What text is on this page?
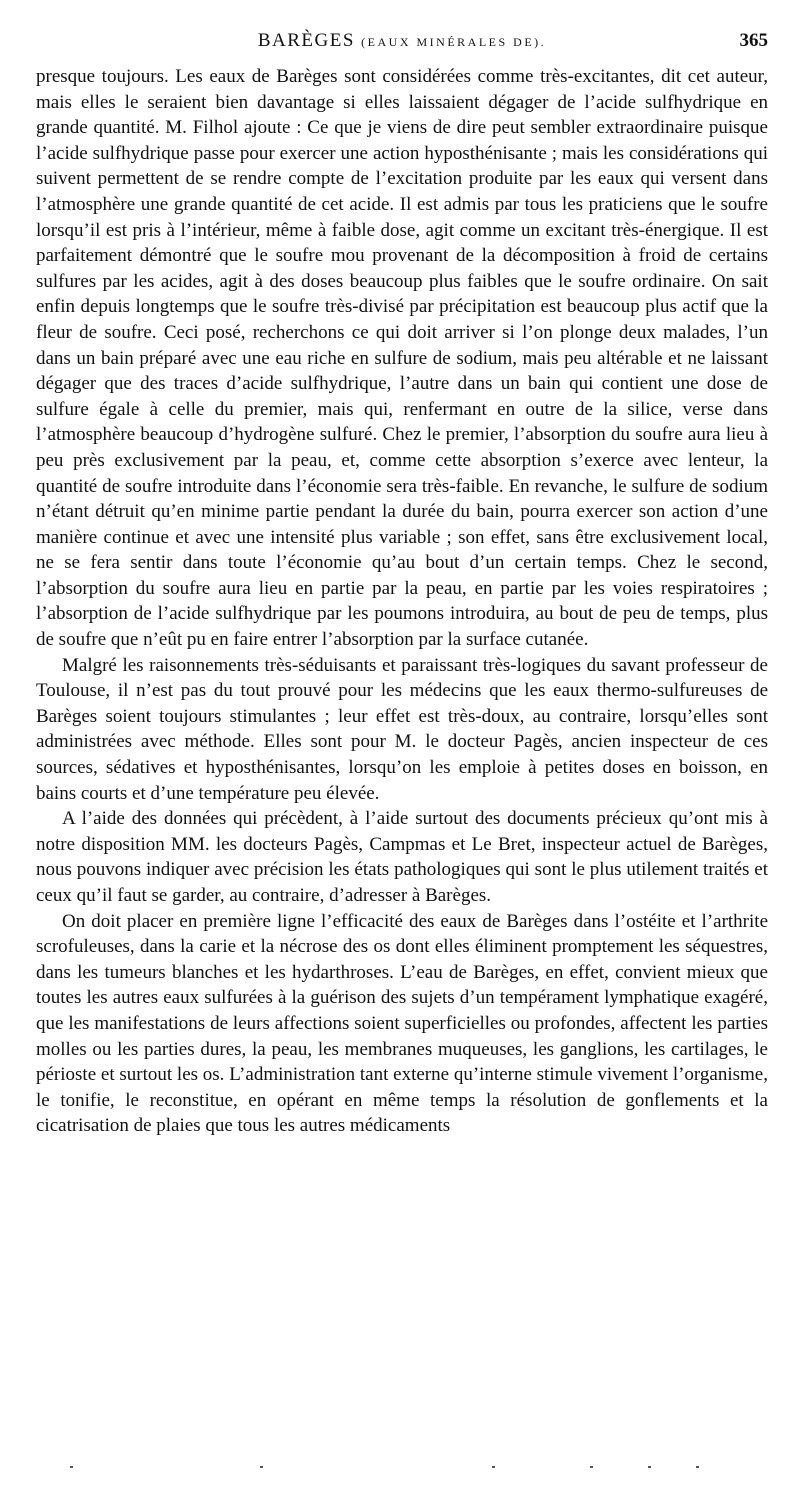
BARÈGES (EAUX MINÉRALES DE).	365

presque toujours. Les eaux de Barèges sont considérées comme très-excitantes, dit cet auteur, mais elles le seraient bien davantage si elles laissaient dégager de l’acide sulfhydrique en grande quantité. M. Filhol ajoute : Ce que je viens de dire peut sembler extraordinaire puisque l’acide sulfhydrique passe pour exercer une action hyposthénisante ; mais les considérations qui suivent permettent de se rendre compte de l’excitation produite par les eaux qui versent dans l’atmosphère une grande quantité de cet acide. Il est admis par tous les praticiens que le soufre lorsqu’il est pris à l’intérieur, même à faible dose, agit comme un excitant très-énergique. Il est parfaitement démontré que le soufre mou provenant de la décomposition à froid de certains sulfures par les acides, agit à des doses beaucoup plus faibles que le soufre ordinaire. On sait enfin depuis longtemps que le soufre très-divisé par précipitation est beaucoup plus actif que la fleur de soufre. Ceci posé, recherchons ce qui doit arriver si l’on plonge deux malades, l’un dans un bain préparé avec une eau riche en sulfure de sodium, mais peu altérable et ne laissant dégager que des traces d’acide sulfhydrique, l’autre dans un bain qui contient une dose de sulfure égale à celle du premier, mais qui, renfermant en outre de la silice, verse dans l’atmosphère beaucoup d’hydrogène sulfuré. Chez le premier, l’absorption du soufre aura lieu à peu près exclusivement par la peau, et, comme cette absorption s’exerce avec lenteur, la quantité de soufre introduite dans l’économie sera très-faible. En revanche, le sulfure de sodium n’étant détruit qu’en minime partie pendant la durée du bain, pourra exercer son action d’une manière continue et avec une intensité plus variable ; son effet, sans être exclusivement local, ne se fera sentir dans toute l’économie qu’au bout d’un certain temps. Chez le second, l’absorption du soufre aura lieu en partie par la peau, en partie par les voies respiratoires ; l’absorption de l’acide sulfhydrique par les poumons introduira, au bout de peu de temps, plus de soufre que n’eût pu en faire entrer l’absorption par la surface cutanée.

Malgré les raisonnements très-séduisants et paraissant très-logiques du savant professeur de Toulouse, il n’est pas du tout prouvé pour les médecins que les eaux thermo-sulfureuses de Barèges soient toujours stimulantes ; leur effet est très-doux, au contraire, lorsqu’elles sont administrées avec méthode. Elles sont pour M. le docteur Pagès, ancien inspecteur de ces sources, sédatives et hyposthénisantes, lorsqu’on les emploie à petites doses en boisson, en bains courts et d’une température peu élevée.

A l’aide des données qui précèdent, à l’aide surtout des documents précieux qu’ont mis à notre disposition MM. les docteurs Pagès, Campmas et Le Bret, inspecteur actuel de Barèges, nous pouvons indiquer avec précision les états pathologiques qui sont le plus utilement traités et ceux qu’il faut se garder, au contraire, d’adresser à Barèges.

On doit placer en première ligne l’efficacité des eaux de Barèges dans l’ostéite et l’arthrite scrofuleuses, dans la carie et la nécrose des os dont elles éliminent promptement les séquestres, dans les tumeurs blanches et les hydarthroses. L’eau de Barèges, en effet, convient mieux que toutes les autres eaux sulfurées à la guérison des sujets d’un tempérament lymphatique exagéré, que les manifestations de leurs affections soient superficielles ou profondes, affectent les parties molles ou les parties dures, la peau, les membranes muqueuses, les ganglions, les cartilages, le périoste et surtout les os. L’administration tant externe qu’interne stimule vivement l’organisme, le tonifie, le reconstitue, en opérant en même temps la résolution de gonflements et la cicatrisation de plaies que tous les autres médicaments
